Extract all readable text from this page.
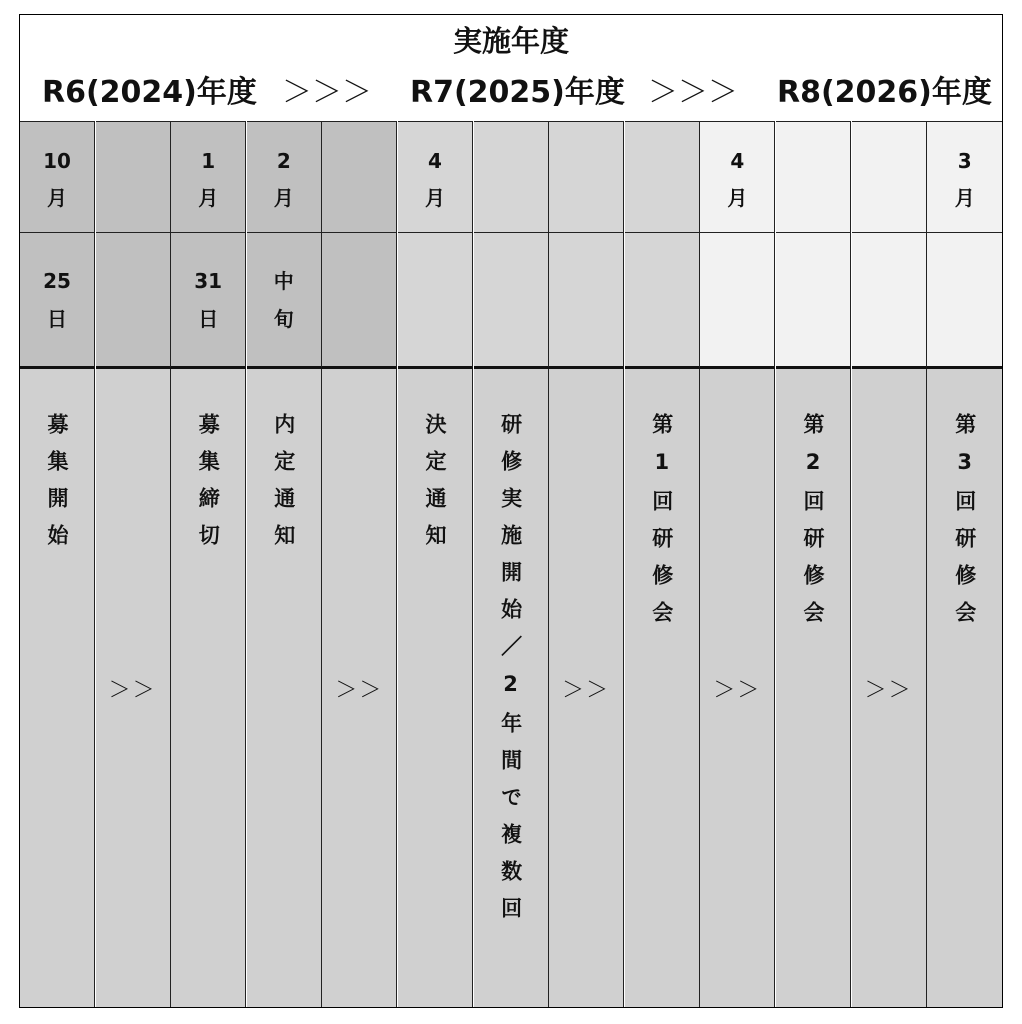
実施年度
R6(2024)年度 ＞＞＞ R7(2025)年度 ＞＞＞ R8(2026)年度
10
月
25
日
募集開始
＞＞
1
月
31
日
募集締切
2
月
中
旬
内定通知
＞＞
4
月
決定通知 研修実施開始／2年間で複数回 ＞＞
第1回研修会
4
月
＞＞
第2回研修会
＞＞
3
月
第3回研修会
